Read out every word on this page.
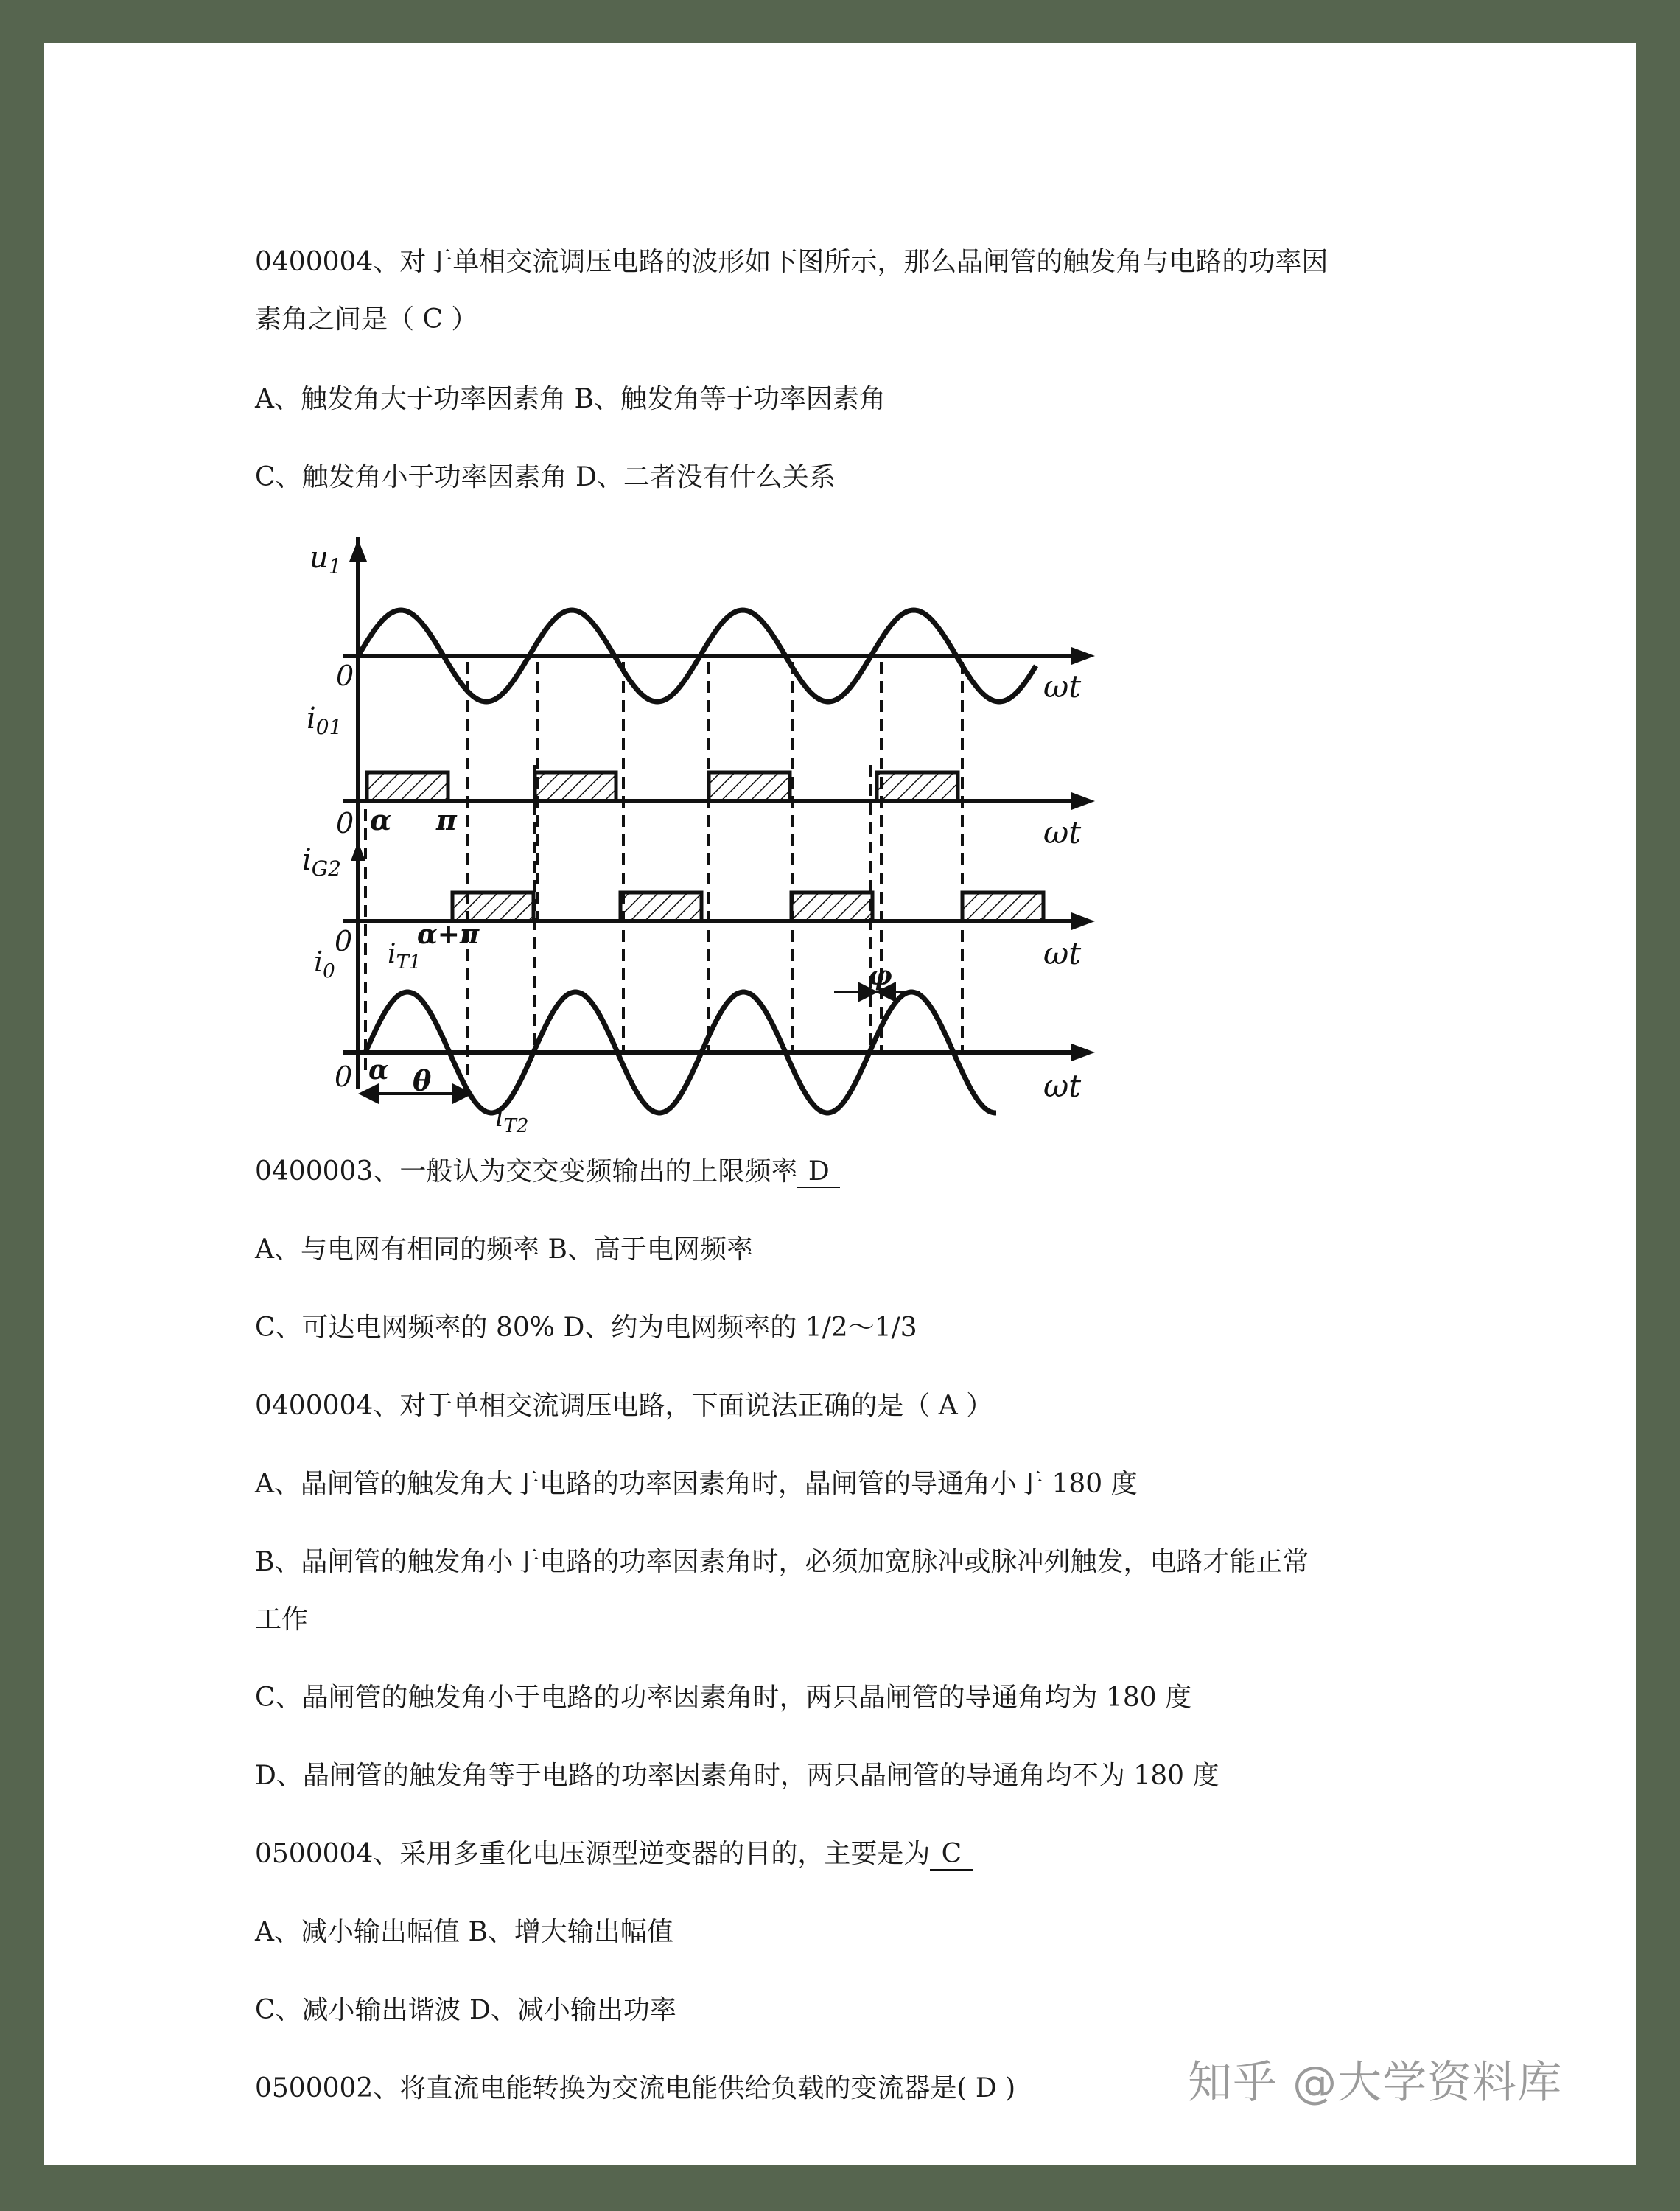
0400004、对于单相交流调压电路的波形如下图所示，那么晶闸管的触发角与电路的功率因
素角之间是（ C ）
A、触发角大于功率因素角 B、触发角等于功率因素角
C、触发角小于功率因素角 D、二者没有什么关系
$u_1$
0	ωt
$i_{01}$
0 α π	ωt
$i_{G2}$
0 α+π
$i_{T1}$	ωt
$i_0$
0 α θ
$i_{T2}$
φ
ωt
0400003、一般认为交交变频输出的上限频率 D
A、与电网有相同的频率 B、高于电网频率
C、可达电网频率的 80% D、约为电网频率的 1/2～1/3
0400004、对于单相交流调压电路，下面说法正确的是（ A ）
A、晶闸管的触发角大于电路的功率因素角时，晶闸管的导通角小于 180 度
B、晶闸管的触发角小于电路的功率因素角时，必须加宽脉冲或脉冲列触发，电路才能正常
工作
C、晶闸管的触发角小于电路的功率因素角时，两只晶闸管的导通角均为 180 度
D、晶闸管的触发角等于电路的功率因素角时，两只晶闸管的导通角均不为 180 度
0500004、采用多重化电压源型逆变器的目的，主要是为 C
A、减小输出幅值 B、增大输出幅值
C、减小输出谐波 D、减小输出功率
0500002、将直流电能转换为交流电能供给负载的变流器是( D )	知乎 @大学资料库
